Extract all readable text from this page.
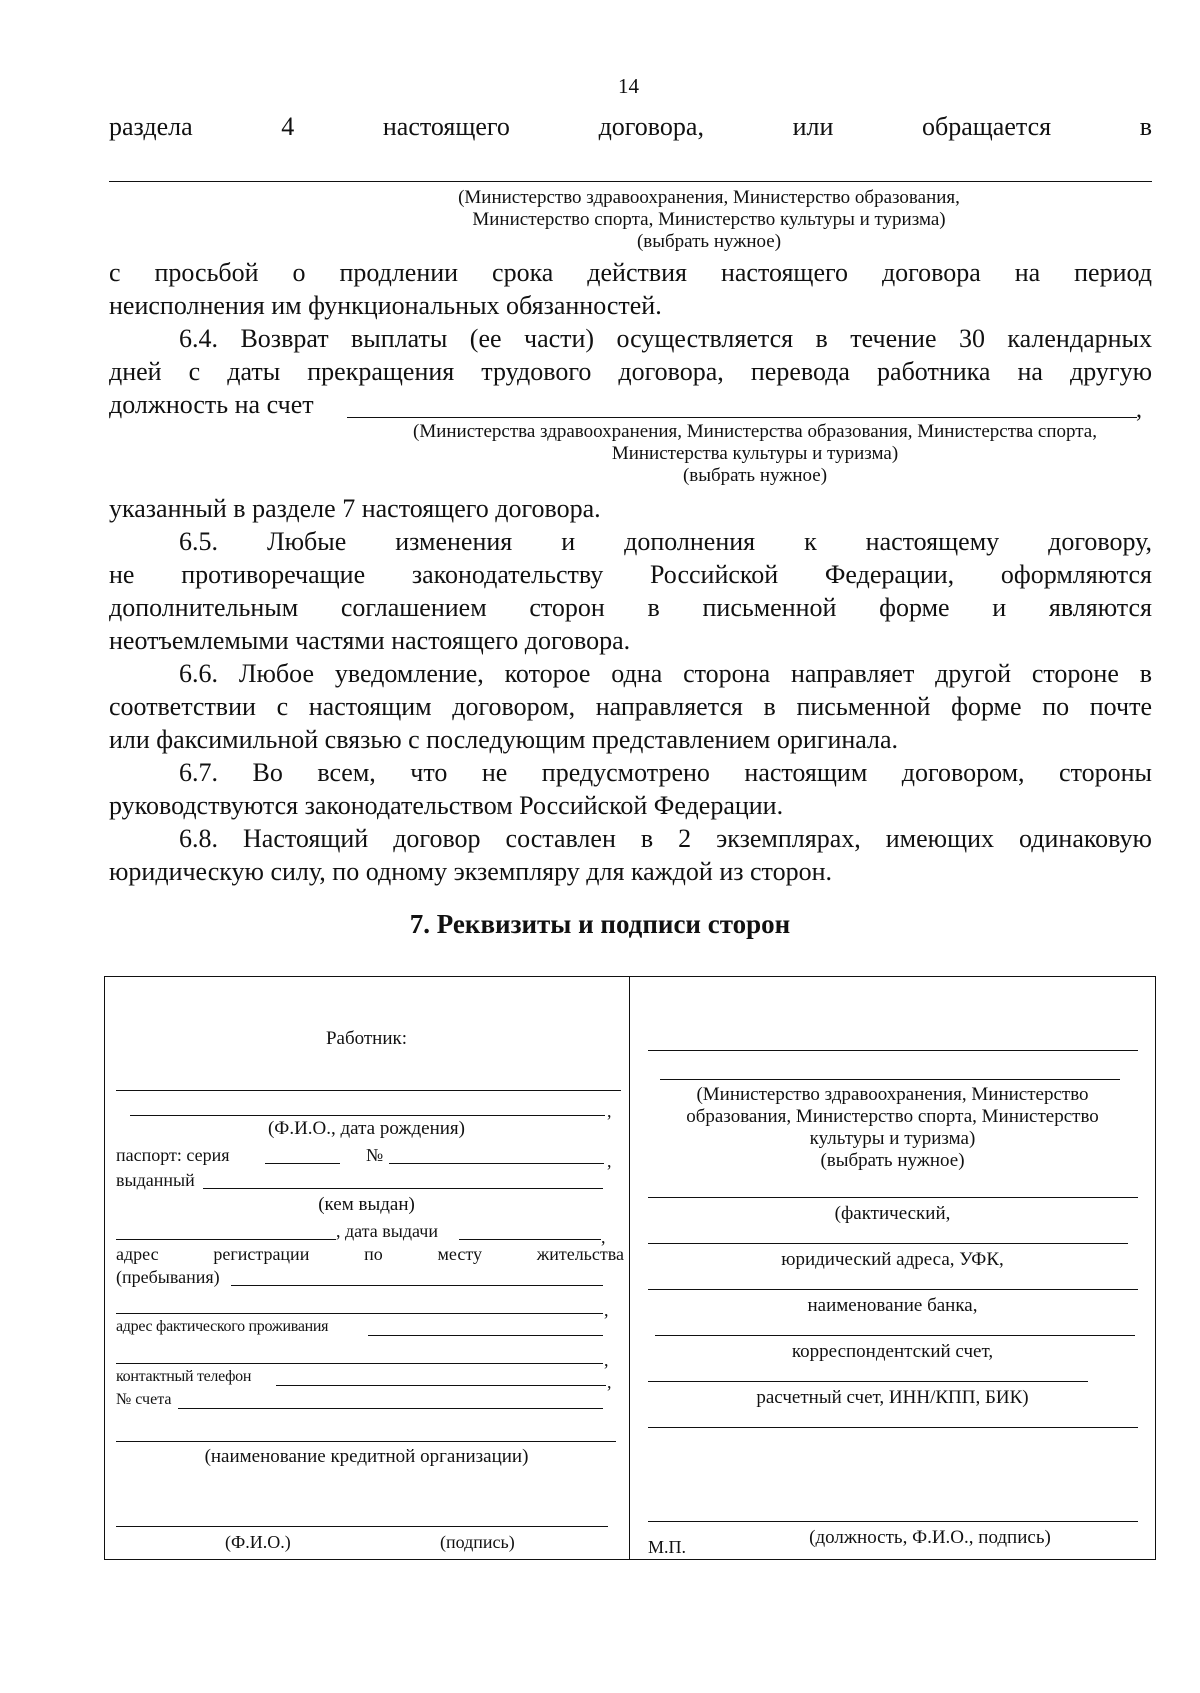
14
раздела	4	настоящего	договора,	или	обращается	в
(Министерство здравоохранения, Министерство образования,
Министерство спорта, Министерство культуры и туризма)
(выбрать нужное)
с просьбой о продлении срока действия настоящего договора на период
неисполнения им функциональных обязанностей.
6.4. Возврат выплаты (ее части) осуществляется в течение 30 календарных
дней с даты прекращения трудового договора, перевода работника на другую
должность на счет	,
(Министерства здравоохранения, Министерства образования, Министерства спорта,
Министерства культуры и туризма)
(выбрать нужное)
указанный в разделе 7 настоящего договора.
6.5. Любые изменения и дополнения к настоящему договору,
не противоречащие законодательству Российской Федерации, оформляются
дополнительным соглашением сторон в письменной форме и являются
неотъемлемыми частями настоящего договора.
6.6. Любое уведомление, которое одна сторона направляет другой стороне в
соответствии с настоящим договором, направляется в письменной форме по почте
или факсимильной связью с последующим представлением оригинала.
6.7. Во всем, что не предусмотрено настоящим договором, стороны
руководствуются законодательством Российской Федерации.
6.8. Настоящий договор составлен в 2 экземплярах, имеющих одинаковую
юридическую силу, по одному экземпляру для каждой из сторон.
7. Реквизиты и подписи сторон
Работник:
,
(Ф.И.О., дата рождения)
паспорт: серия	№	,
выданный
(кем выдан)
, дата выдачи	,
адрес	регистрации	по	месту	жительства
(пребывания)
,
адрес фактического проживания
,
контактный телефон	,
№ счета
(наименование кредитной организации)
(Ф.И.О.)	(подпись)
(Министерство здравоохранения, Министерство
образования, Министерство спорта, Министерство
культуры и туризма)
(выбрать нужное)
(фактический,
юридический адреса, УФК,
наименование банка,
корреспондентский счет,
расчетный счет, ИНН/КПП, БИК)
(должность, Ф.И.О., подпись)
М.П.
